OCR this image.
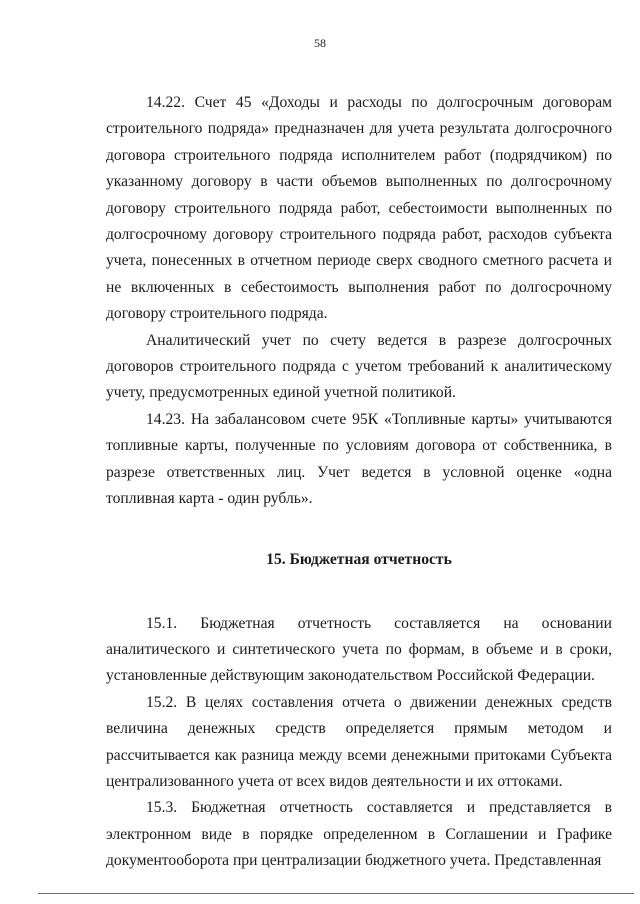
58

14.22. Счет 45 «Доходы и расходы по долгосрочным договорам строительного подряда» предназначен для учета результата долгосрочного договора строительного подряда исполнителем работ (подрядчиком) по указанному договору в части объемов выполненных по долгосрочному договору строительного подряда работ, себестоимости выполненных по долгосрочному договору строительного подряда работ, расходов субъекта учета, понесенных в отчетном периоде сверх сводного сметного расчета и не включенных в себестоимость выполнения работ по долгосрочному договору строительного подряда.

Аналитический учет по счету ведется в разрезе долгосрочных договоров строительного подряда с учетом требований к аналитическому учету, предусмотренных единой учетной политикой.

14.23. На забалансовом счете 95К «Топливные карты» учитываются топливные карты, полученные по условиям договора от собственника, в разрезе ответственных лиц. Учет ведется в условной оценке «одна топливная карта - один рубль».

15. Бюджетная отчетность

15.1. Бюджетная отчетность составляется на основании аналитического и синтетического учета по формам, в объеме и в сроки, установленные действующим законодательством Российской Федерации.

15.2. В целях составления отчета о движении денежных средств величина денежных средств определяется прямым методом и рассчитывается как разница между всеми денежными притоками Субъекта централизованного учета от всех видов деятельности и их оттоками.

15.3. Бюджетная отчетность составляется и представляется в электронном виде в порядке определенном в Соглашении и Графике документооборота при централизации бюджетного учета. Представленная
